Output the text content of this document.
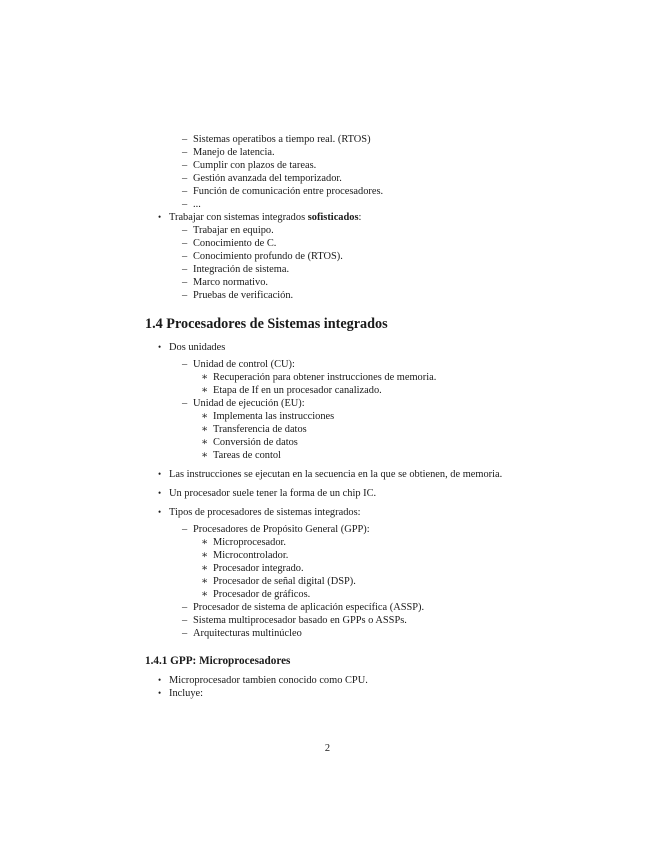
– Sistemas operatibos a tiempo real. (RTOS)
– Manejo de latencia.
– Cumplir con plazos de tareas.
– Gestión avanzada del temporizador.
– Función de comunicación entre procesadores.
– ...
• Trabajar con sistemas integrados sofisticados:
– Trabajar en equipo.
– Conocimiento de C.
– Conocimiento profundo de (RTOS).
– Integración de sistema.
– Marco normativo.
– Pruebas de verificación.
1.4 Procesadores de Sistemas integrados
• Dos unidades
– Unidad de control (CU):
∗ Recuperación para obtener instrucciones de memoria.
∗ Etapa de If en un procesador canalizado.
– Unidad de ejecución (EU):
∗ Implementa las instrucciones
∗ Transferencia de datos
∗ Conversión de datos
∗ Tareas de contol
• Las instrucciones se ejecutan en la secuencia en la que se obtienen, de memoria.
• Un procesador suele tener la forma de un chip IC.
• Tipos de procesadores de sistemas integrados:
– Procesadores de Propósito General (GPP):
∗ Microprocesador.
∗ Microcontrolador.
∗ Procesador integrado.
∗ Procesador de señal digital (DSP).
∗ Procesador de gráficos.
– Procesador de sistema de aplicación específica (ASSP).
– Sistema multiprocesador basado en GPPs o ASSPs.
– Arquitecturas multinúcleo
1.4.1 GPP: Microprocesadores
• Microprocesador tambien conocido como CPU.
• Incluye:
2
